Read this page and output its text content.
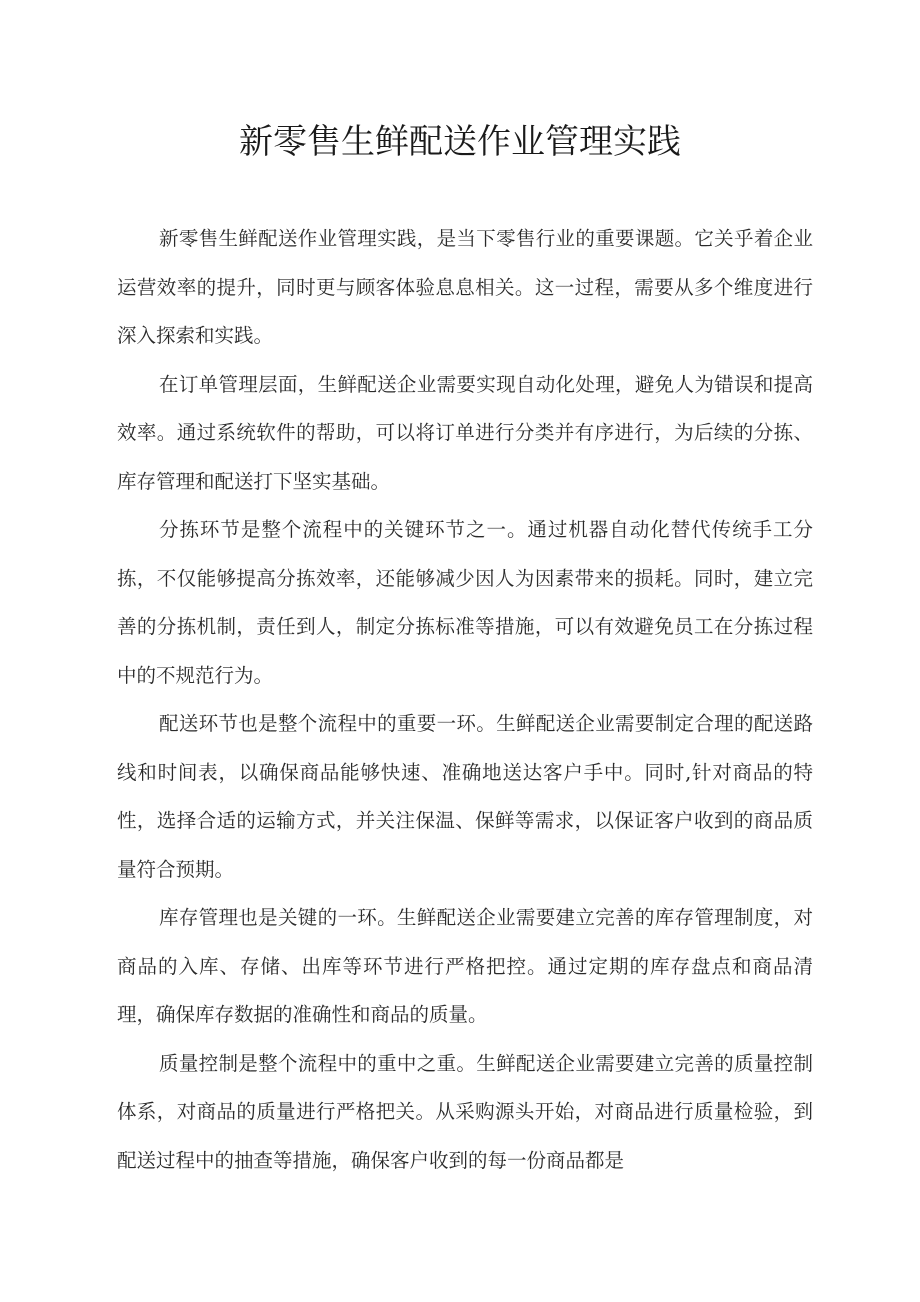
新零售生鲜配送作业管理实践

新零售生鲜配送作业管理实践，是当下零售行业的重要课题。它关乎着企业运营效率的提升，同时更与顾客体验息息相关。这一过程，需要从多个维度进行深入探索和实践。

在订单管理层面，生鲜配送企业需要实现自动化处理，避免人为错误和提高效率。通过系统软件的帮助，可以将订单进行分类并有序进行，为后续的分拣、库存管理和配送打下坚实基础。

分拣环节是整个流程中的关键环节之一。通过机器自动化替代传统手工分拣，不仅能够提高分拣效率，还能够减少因人为因素带来的损耗。同时，建立完善的分拣机制，责任到人，制定分拣标准等措施，可以有效避免员工在分拣过程中的不规范行为。

配送环节也是整个流程中的重要一环。生鲜配送企业需要制定合理的配送路线和时间表，以确保商品能够快速、准确地送达客户手中。同时,针对商品的特性，选择合适的运输方式，并关注保温、保鲜等需求，以保证客户收到的商品质量符合预期。

库存管理也是关键的一环。生鲜配送企业需要建立完善的库存管理制度，对商品的入库、存储、出库等环节进行严格把控。通过定期的库存盘点和商品清理，确保库存数据的准确性和商品的质量。

质量控制是整个流程中的重中之重。生鲜配送企业需要建立完善的质量控制体系，对商品的质量进行严格把关。从采购源头开始，对商品进行质量检验，到配送过程中的抽查等措施，确保客户收到的每一份商品都是
